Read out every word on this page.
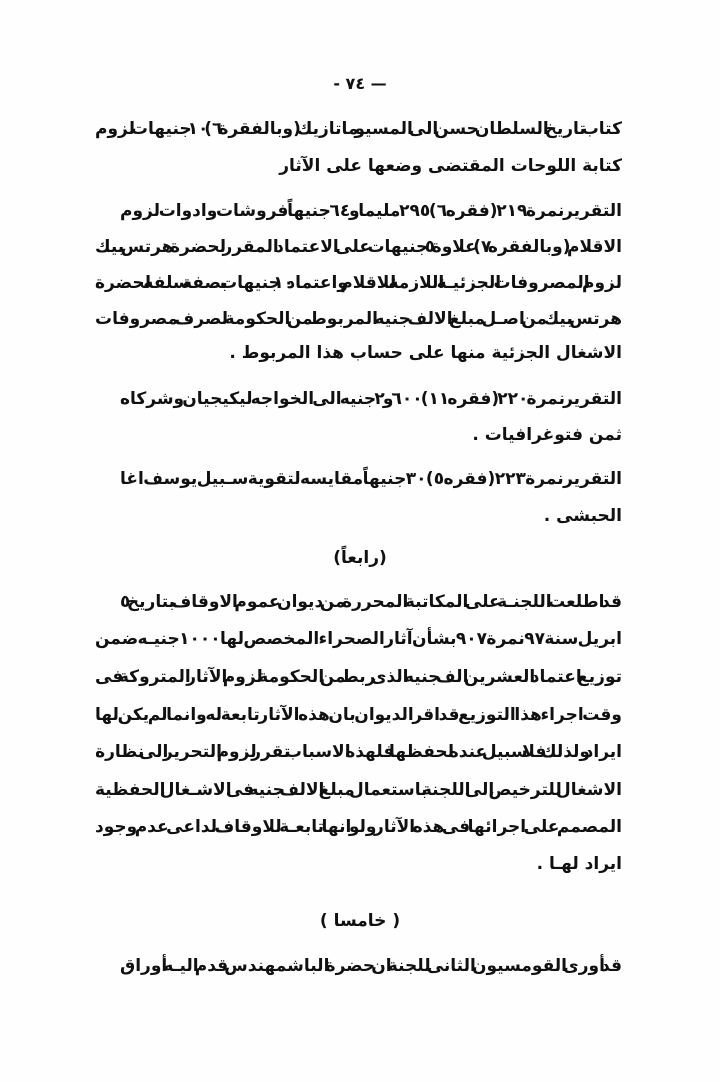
— ٧٤ -
كتاب تاريخ السلطان حسن الى المسيو ماتازيك (وبالفقرة ٦) ١٠ جنيهات لزوم
كتابة اللوحات المقتضى وضعها على الآثار
التقرير نمرة ٢١٩ (فقره ٦) ٢٩٥ مليما و ٦٤ جنيهاً فروشات وادوات لزوم
الاقلام (وبالفقره ٧) علاوة ٥ جنيهات على الاعتماد المقرر لحضرة هرتس بيك
لزوم المصروفات الجزئيـة اللازمة للاقلام واعتماد ١٠ جنيهات بصفة سلفه لحضرة
هرتس بيك من اصـل مبلغ الالف جنيه المربوط من الحكومة لصرف مصروفات
الاشغال الجزئية منها على حساب هذا المربوط .
التقرير نمرة ٢٢٠ (فقره ١١) ٦٠٠ و ٢ جنيه الى الخواجه ليكيجيان وشركاه
ثمن فتوغرافيات .
التقرير نمرة ٢٢٣ (فقره ٥) ٣٠ جنيهاً مقايسه لتقوية سـبيل يوسف اغا
الحبشى .
(رابعاً)
قد اطلعت اللجنـة على المكاتبة المحررة من ديوان عموم الاوقاف بتاريخ ٥
ابريل سنة ٩٧ نمرة ٩٠٧ بشأن آثار الصحراء المخصص لها ١٠٠٠ جنيـه ضمن
توزيع اعتماد العشرين الف جنيه الذى ربط من الحكومة لزوم الآثار المتروكة فى
وقت اجراء هذا التوزيع قد اقر الديوان بان هذه الآثار تابعة له وانما لم يكن لها
ايراد ولذلك فلا سبيل عنده لحفظها فلهذه الاسباب تقرر لزوم التحرير الى نظارة
الاشغال للترخيص الى اللجنة باستعمال مبلغ الالف جنيه فى الاشـغال الحفظية
المصمم على اجرائها فى هذه الآثار ولو انها تابعـة للاوقاف لداعى عدم وجود
ايراد لهـا .
( خامسا )
قد أورى القومسيون الثانى للجنة ان حضرة الباشمهندس قدم اليـه أوراق
